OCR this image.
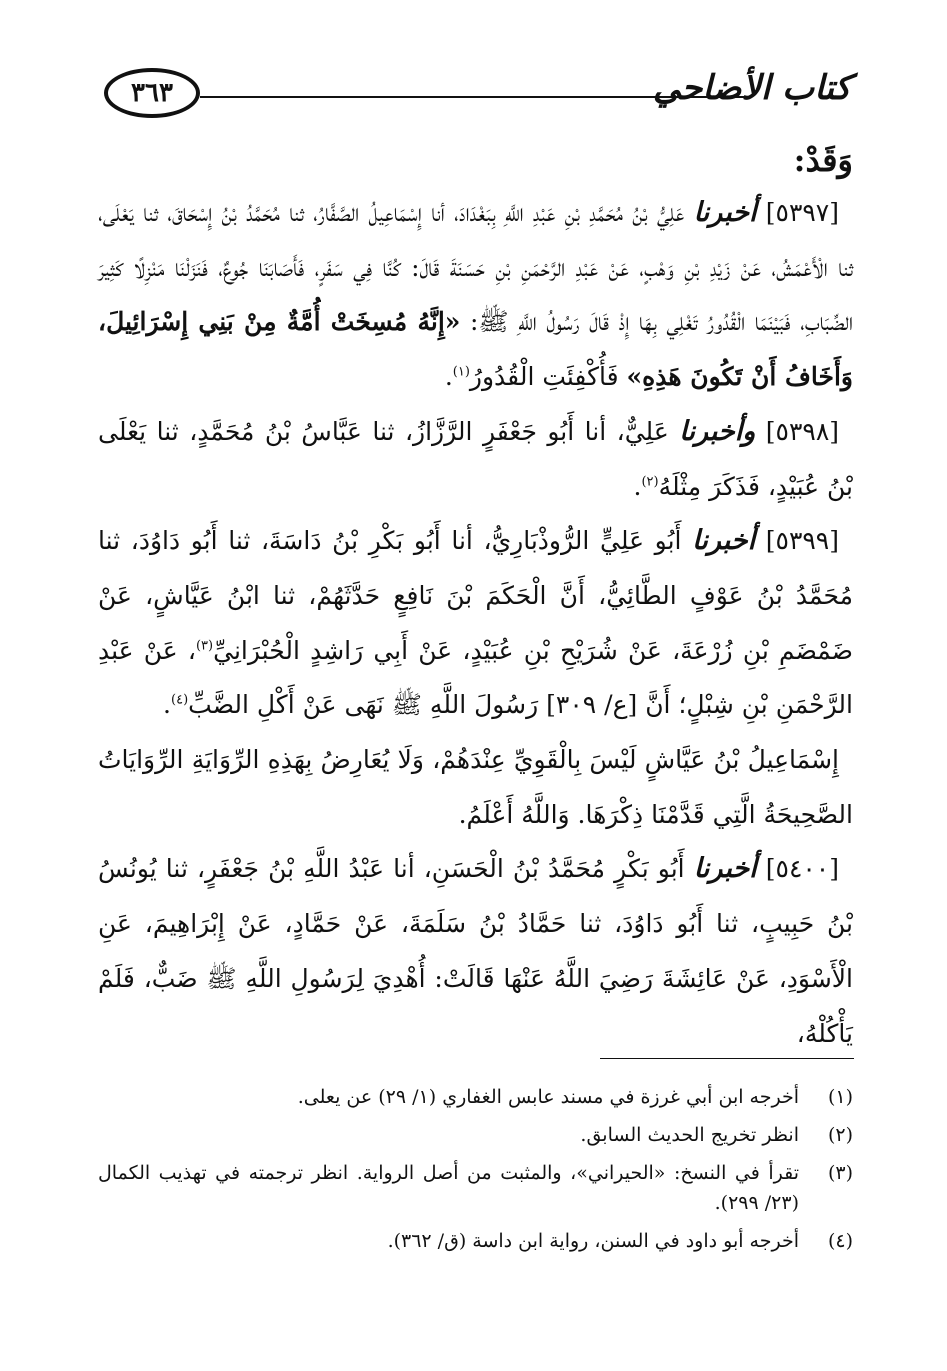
كتاب الأضاحي
٣٦٣
وَقَدْ:

[٥٣٩٧] أخبرنا عَلِيُّ بْنُ مُحَمَّدِ بْنِ عَبْدِ اللَّهِ بِبَغْدَادَ، أنا إِسْمَاعِيلُ الصَّفَّارُ، ثنا مُحَمَّدُ بْنُ إِسْحَاقَ، ثنا يَعْلَى، ثنا الْأَعْمَشُ، عَنْ زَيْدِ بْنِ وَهْبٍ، عَنْ عَبْدِ الرَّحْمَنِ بْنِ حَسَنَةَ قَالَ: كُنَّا فِي سَفَرٍ، فَأَصَابَنَا جُوعٌ، فَنَزَلْنَا مَنْزِلًا كَثِيرَ الضِّبَابِ، فَبَيْنَمَا الْقُدُورُ تَغْلِي بِهَا إِذْ قَالَ رَسُولُ اللَّهِ ﷺ: «إِنَّهُ مُسِخَتْ أُمَّةٌ مِنْ بَنِي إِسْرَائِيلَ، وَأَخَافُ أَنْ تَكُونَ هَذِهِ» فَأُكْفِئَتِ الْقُدُورُ$^{(١)}$.

[٥٣٩٨] وأخبرنا عَلِيٌّ، أنا أَبُو جَعْفَرٍ الرَّزَّازُ، ثنا عَبَّاسُ بْنُ مُحَمَّدٍ، ثنا يَعْلَى بْنُ عُبَيْدٍ، فَذَكَرَ مِثْلَهُ$^{(٢)}$.

[٥٣٩٩] أخبرنا أَبُو عَلِيٍّ الرُّوذْبَارِيُّ، أنا أَبُو بَكْرِ بْنُ دَاسَةَ، ثنا أَبُو دَاوُدَ، ثنا مُحَمَّدُ بْنُ عَوْفٍ الطَّائِيُّ، أَنَّ الْحَكَمَ بْنَ نَافِعٍ حَدَّثَهُمْ، ثنا ابْنُ عَيَّاشٍ، عَنْ ضَمْضَمِ بْنِ زُرْعَةَ، عَنْ شُرَيْحِ بْنِ عُبَيْدٍ، عَنْ أَبِي رَاشِدٍ الْحُبْرَانِيِّ$^{(٣)}$، عَنْ عَبْدِ الرَّحْمَنِ بْنِ شِبْلٍ؛ أَنَّ [ع/ ٣٠٩] رَسُولَ اللَّهِ ﷺ نَهَى عَنْ أَكْلِ الضَّبِّ$^{(٤)}$.

إِسْمَاعِيلُ بْنُ عَيَّاشٍ لَيْسَ بِالْقَوِيِّ عِنْدَهُمْ، وَلَا يُعَارِضُ بِهَذِهِ الرِّوَايَةِ الرِّوَايَاتُ الصَّحِيحَةُ الَّتِي قَدَّمْنَا ذِكْرَهَا. وَاللَّهُ أَعْلَمُ.

[٥٤٠٠] أخبرنا أَبُو بَكْرٍ مُحَمَّدُ بْنُ الْحَسَنِ، أنا عَبْدُ اللَّهِ بْنُ جَعْفَرٍ، ثنا يُونُسُ بْنُ حَبِيبٍ، ثنا أَبُو دَاوُدَ، ثنا حَمَّادُ بْنُ سَلَمَةَ، عَنْ حَمَّادٍ، عَنْ إِبْرَاهِيمَ، عَنِ الْأَسْوَدِ، عَنْ عَائِشَةَ رَضِيَ اللَّهُ عَنْهَا قَالَتْ: أُهْدِيَ لِرَسُولِ اللَّهِ ﷺ ضَبٌّ، فَلَمْ يَأْكُلْهُ،

(١)
أخرجه ابن أبي غرزة في مسند عابس الغفاري (١/ ٢٩) عن يعلى.
(٢)
انظر تخريج الحديث السابق.
(٣)
تقرأ في النسخ: «الحيراني»، والمثبت من أصل الرواية. انظر ترجمته في تهذيب الكمال (٢٣/ ٢٩٩).
(٤)
أخرجه أبو داود في السنن، رواية ابن داسة (ق/ ٣٦٢).
